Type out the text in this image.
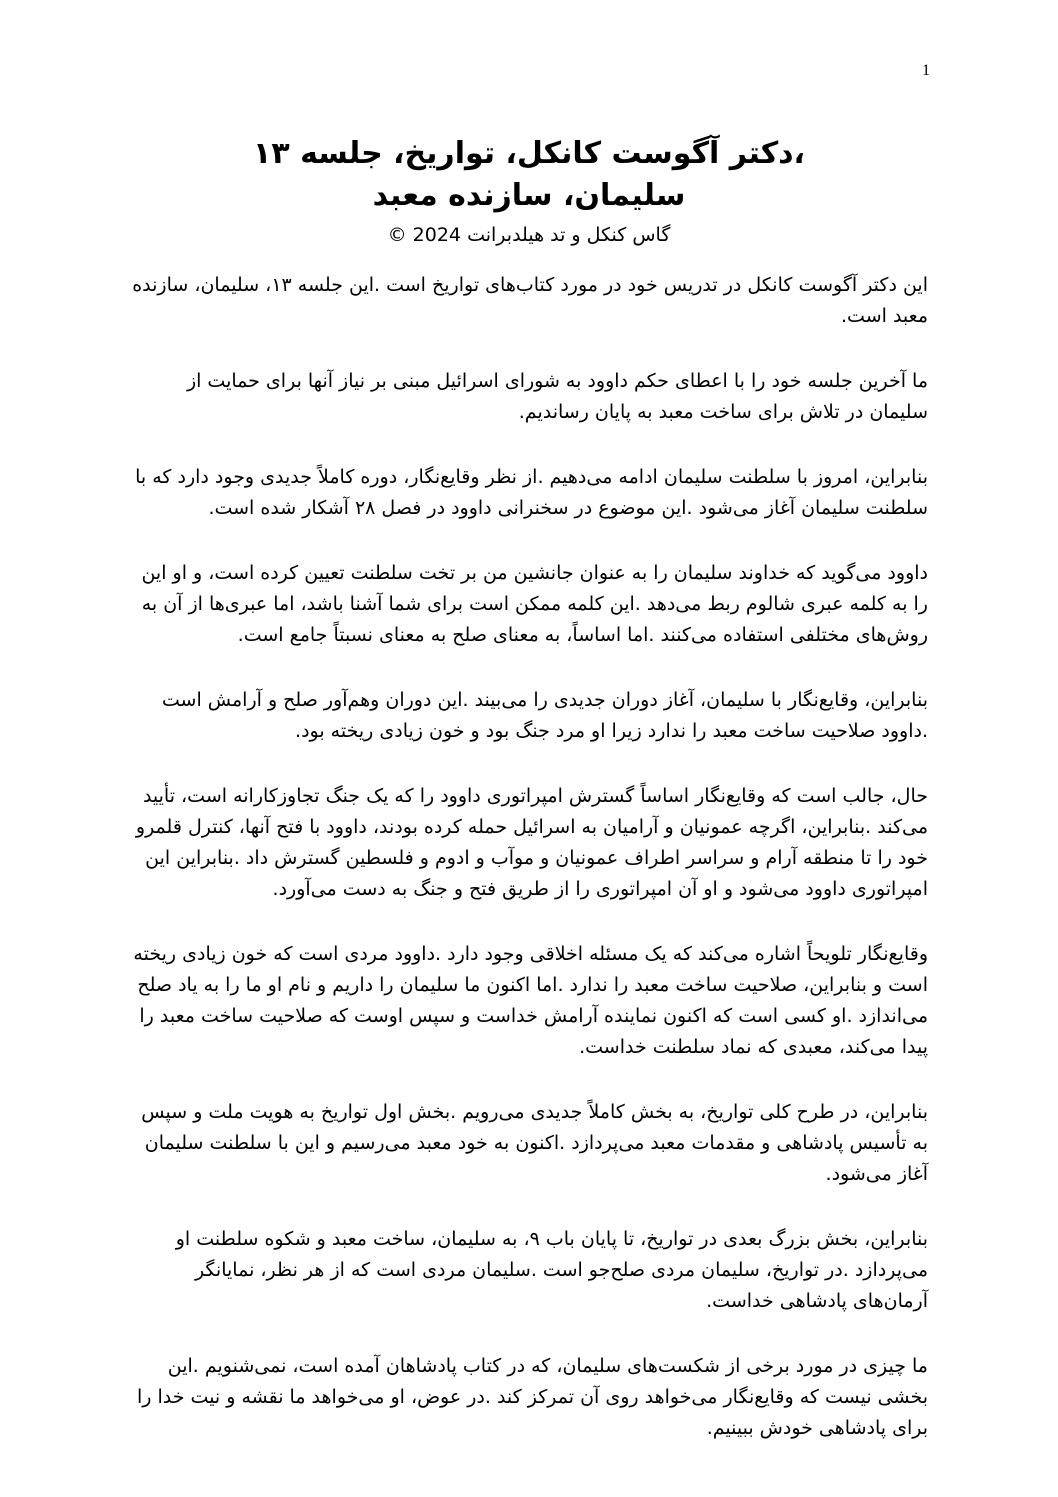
1
،دکتر آگوست کانکل، تواریخ، جلسه ۱۳
سلیمان، سازنده معبد
گاس کنکل و تد هیلدبرانت 2024 ©

این دکتر آگوست کانکل در تدریس خود در مورد کتاب‌های تواریخ است .این جلسه ۱۳، سلیمان، سازنده معبد است.

ما آخرین جلسه خود را با اعطای حکم داوود به شورای اسرائیل مبنی بر نیاز آنها برای حمایت از سلیمان در تلاش برای ساخت معبد به پایان رساندیم.

بنابراین، امروز با سلطنت سلیمان ادامه می‌دهیم .از نظر وقایع‌نگار، دوره کاملاً جدیدی وجود دارد که با سلطنت سلیمان آغاز می‌شود .این موضوع در سخنرانی داوود در فصل ۲۸ آشکار شده است.

داوود می‌گوید که خداوند سلیمان را به عنوان جانشین من بر تخت سلطنت تعیین کرده است، و او این را به کلمه عبری شالوم ربط می‌دهد .این کلمه ممکن است برای شما آشنا باشد، اما عبری‌ها از آن به روش‌های مختلفی استفاده می‌کنند .اما اساساً، به معنای صلح به معنای نسبتاً جامع است.

بنابراین، وقایع‌نگار با سلیمان، آغاز دوران جدیدی را می‌بیند .این دوران وهم‌آور صلح و آرامش است .داوود صلاحیت ساخت معبد را ندارد زیرا او مرد جنگ بود و خون زیادی ریخته بود.

حال، جالب است که وقایع‌نگار اساساً گسترش امپراتوری داوود را که یک جنگ تجاوزکارانه است، تأیید می‌کند .بنابراین، اگرچه عمونیان و آرامیان به اسرائیل حمله کرده بودند، داوود با فتح آنها، کنترل قلمرو خود را تا منطقه آرام و سراسر اطراف عمونیان و موآب و ادوم و فلسطین گسترش داد .بنابراین این امپراتوری داوود می‌شود و او آن امپراتوری را از طریق فتح و جنگ به دست می‌آورد.

وقایع‌نگار تلویحاً اشاره می‌کند که یک مسئله اخلاقی وجود دارد .داوود مردی است که خون زیادی ریخته است و بنابراین، صلاحیت ساخت معبد را ندارد .اما اکنون ما سلیمان را داریم و نام او ما را به یاد صلح می‌اندازد .او کسی است که اکنون نماینده آرامش خداست و سپس اوست که صلاحیت ساخت معبد را پیدا می‌کند، معبدی که نماد سلطنت خداست.

بنابراین، در طرح کلی تواریخ، به بخش کاملاً جدیدی می‌رویم .بخش اول تواریخ به هویت ملت و سپس به تأسیس پادشاهی و مقدمات معبد می‌پردازد .اکنون به خود معبد می‌رسیم و این با سلطنت سلیمان آغاز می‌شود.

بنابراین، بخش بزرگ بعدی در تواریخ، تا پایان باب ۹، به سلیمان، ساخت معبد و شکوه سلطنت او می‌پردازد .در تواریخ، سلیمان مردی صلح‌جو است .سلیمان مردی است که از هر نظر، نمایانگر آرمان‌های پادشاهی خداست.

ما چیزی در مورد برخی از شکست‌های سلیمان، که در کتاب پادشاهان آمده است، نمی‌شنویم .این بخشی نیست که وقایع‌نگار می‌خواهد روی آن تمرکز کند .در عوض، او می‌خواهد ما نقشه و نیت خدا را برای پادشاهی خودش ببینیم.
